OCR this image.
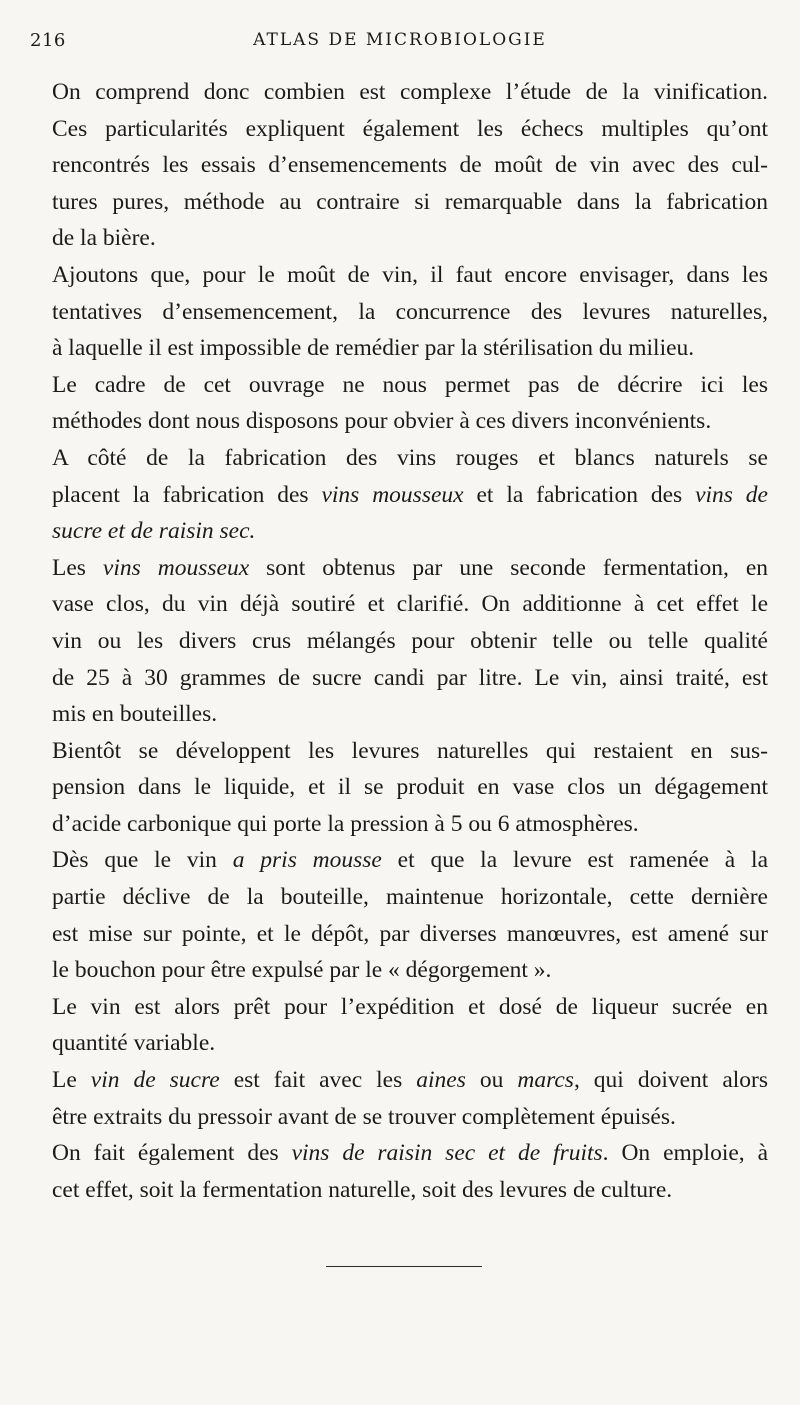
216	ATLAS DE MICROBIOLOGIE
On comprend donc combien est complexe l’étude de la vinification.
Ces particularités expliquent également les échecs multiples qu’ont
rencontrés les essais d’ensemencements de moût de vin avec des cul-
tures pures, méthode au contraire si remarquable dans la fabrication
de la bière.
Ajoutons que, pour le moût de vin, il faut encore envisager, dans les
tentatives d’ensemencement, la concurrence des levures naturelles,
à laquelle il est impossible de remédier par la stérilisation du milieu.
Le cadre de cet ouvrage ne nous permet pas de décrire ici les
méthodes dont nous disposons pour obvier à ces divers inconvénients.
A côté de la fabrication des vins rouges et blancs naturels se
placent la fabrication des vins mousseux et la fabrication des vins de
sucre et de raisin sec.
Les vins mousseux sont obtenus par une seconde fermentation, en
vase clos, du vin déjà soutiré et clarifié. On additionne à cet effet le
vin ou les divers crus mélangés pour obtenir telle ou telle qualité
de 25 à 30 grammes de sucre candi par litre. Le vin, ainsi traité, est
mis en bouteilles.
Bientôt se développent les levures naturelles qui restaient en sus-
pension dans le liquide, et il se produit en vase clos un dégagement
d’acide carbonique qui porte la pression à 5 ou 6 atmosphères.
Dès que le vin a pris mousse et que la levure est ramenée à la
partie déclive de la bouteille, maintenue horizontale, cette dernière
est mise sur pointe, et le dépôt, par diverses manœuvres, est amené sur
le bouchon pour être expulsé par le « dégorgement ».
Le vin est alors prêt pour l’expédition et dosé de liqueur sucrée en
quantité variable.
Le vin de sucre est fait avec les aines ou marcs, qui doivent alors
être extraits du pressoir avant de se trouver complètement épuisés.
On fait également des vins de raisin sec et de fruits. On emploie, à
cet effet, soit la fermentation naturelle, soit des levures de culture.
